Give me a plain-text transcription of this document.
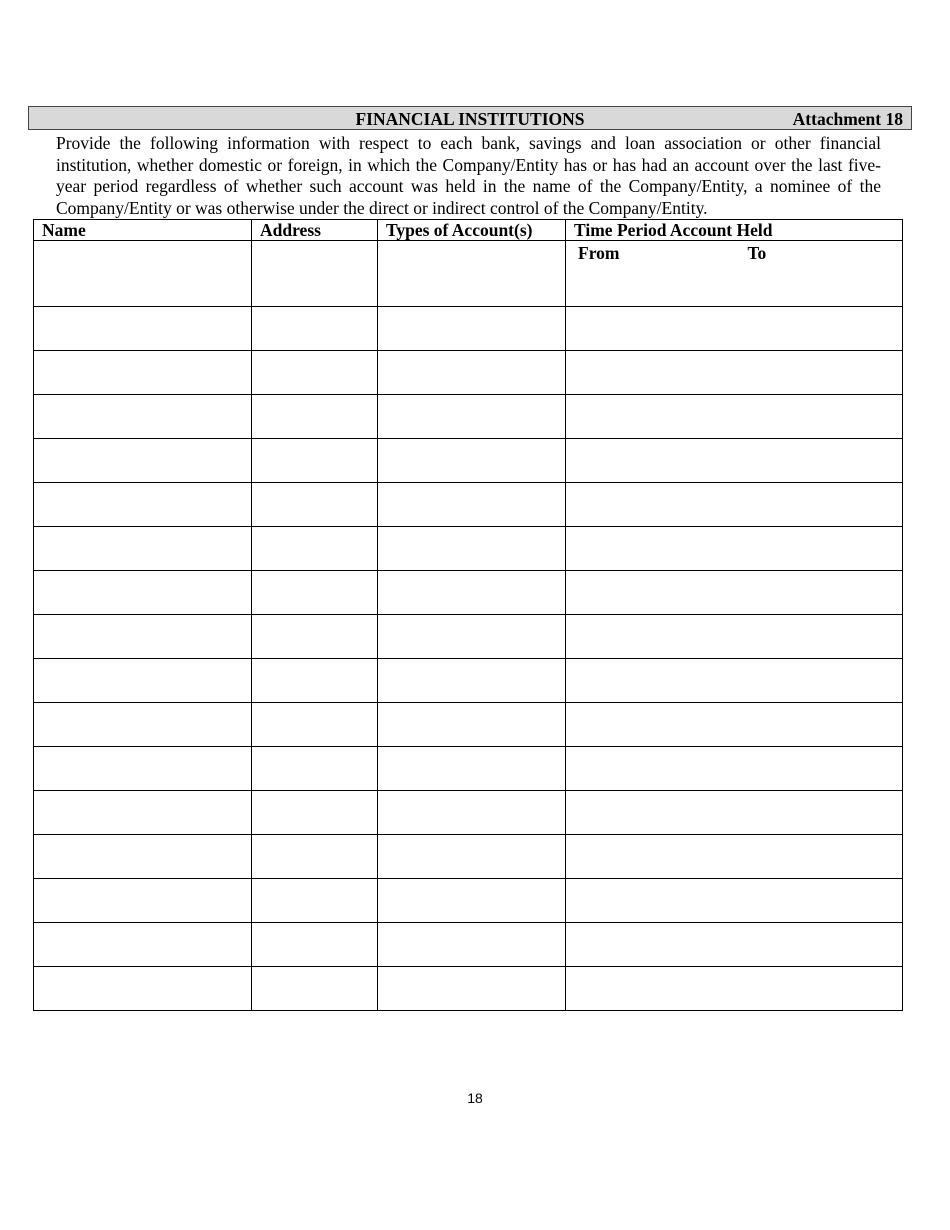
FINANCIAL INSTITUTIONS	Attachment 18

Provide the following information with respect to each bank, savings and loan association or other financial institution, whether domestic or foreign, in which the Company/Entity has or has had an account over the last five-year period regardless of whether such account was held in the name of the Company/Entity, a nominee of the Company/Entity or was otherwise under the direct or indirect control of the Company/Entity.

Name	Address	Types of Account(s)	Time Period Account Held
			From To

18
